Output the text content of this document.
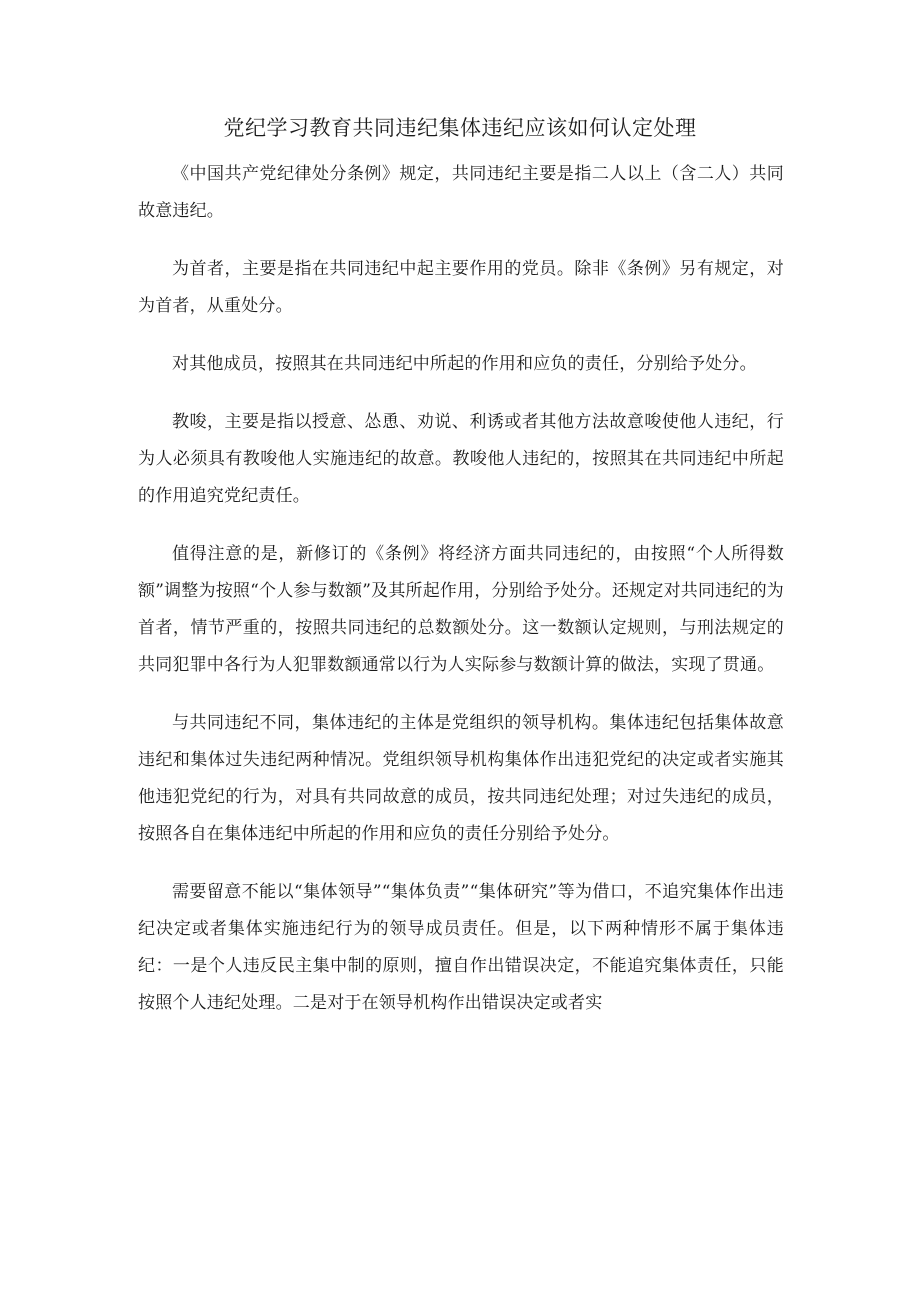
党纪学习教育共同违纪集体违纪应该如何认定处理

《中国共产党纪律处分条例》规定，共同违纪主要是指二人以上（含二人）共同故意违纪。

为首者，主要是指在共同违纪中起主要作用的党员。除非《条例》另有规定，对为首者，从重处分。

对其他成员，按照其在共同违纪中所起的作用和应负的责任，分别给予处分。

教唆，主要是指以授意、怂恿、劝说、利诱或者其他方法故意唆使他人违纪，行为人必须具有教唆他人实施违纪的故意。教唆他人违纪的，按照其在共同违纪中所起的作用追究党纪责任。

值得注意的是，新修订的《条例》将经济方面共同违纪的，由按照“个人所得数额”调整为按照“个人参与数额”及其所起作用，分别给予处分。还规定对共同违纪的为首者，情节严重的，按照共同违纪的总数额处分。这一数额认定规则，与刑法规定的共同犯罪中各行为人犯罪数额通常以行为人实际参与数额计算的做法，实现了贯通。

与共同违纪不同，集体违纪的主体是党组织的领导机构。集体违纪包括集体故意违纪和集体过失违纪两种情况。党组织领导机构集体作出违犯党纪的决定或者实施其他违犯党纪的行为，对具有共同故意的成员，按共同违纪处理；对过失违纪的成员，按照各自在集体违纪中所起的作用和应负的责任分别给予处分。

需要留意不能以“集体领导”“集体负责”“集体研究”等为借口，不追究集体作出违纪决定或者集体实施违纪行为的领导成员责任。但是，以下两种情形不属于集体违纪：一是个人违反民主集中制的原则，擅自作出错误决定，不能追究集体责任，只能按照个人违纪处理。二是对于在领导机构作出错误决定或者实
